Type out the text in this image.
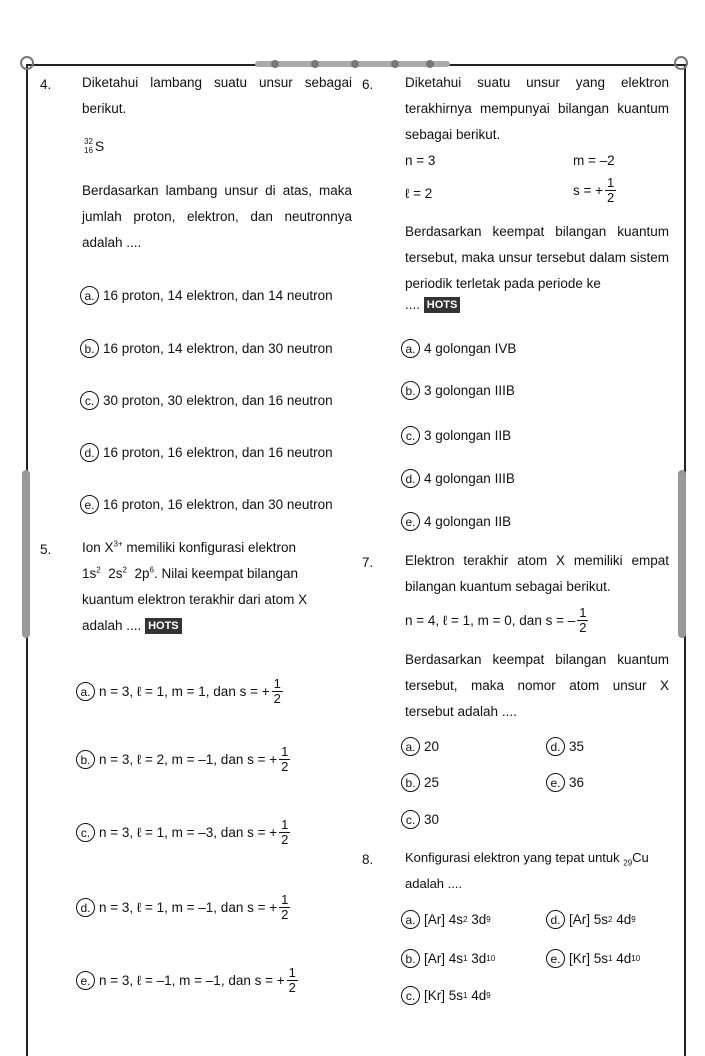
4. Diketahui lambang suatu unsur sebagai berikut.
32
16 S
Berdasarkan lambang unsur di atas, maka jumlah proton, elektron, dan neutronnya adalah ....
a. 16 proton, 14 elektron, dan 14 neutron
b. 16 proton, 14 elektron, dan 30 neutron
c. 30 proton, 30 elektron, dan 16 neutron
d. 16 proton, 16 elektron, dan 16 neutron
e. 16 proton, 16 elektron, dan 30 neutron
5. Ion $X^{3+}$ memiliki konfigurasi elektron
$1s^2$ $2s^2$ $2p^6$. Nilai keempat bilangan
kuantum elektron terakhir dari atom X
adalah .... HOTS
a. n = 3, ℓ = 1, m = 1, dan s = + $\frac{1}{2}$
b. n = 3, ℓ = 2, m = –1, dan s = + $\frac{1}{2}$
c. n = 3, ℓ = 1, m = –3, dan s = + $\frac{1}{2}$
d. n = 3, ℓ = 1, m = –1, dan s = + $\frac{1}{2}$
e. n = 3, ℓ = –1, m = –1, dan s = + $\frac{1}{2}$
6. Diketahui suatu unsur yang elektron terakhirnya mempunyai bilangan kuantum sebagai berikut.
n = 3	m = –2
ℓ = 2	s = + $\frac{1}{2}$
Berdasarkan keempat bilangan kuantum tersebut, maka unsur tersebut dalam sistem periodik terletak pada periode ke
.... HOTS
a. 4 golongan IVB
b. 3 golongan IIIB
c. 3 golongan IIB
d. 4 golongan IIIB
e. 4 golongan IIB
7. Elektron terakhir atom X memiliki empat bilangan kuantum sebagai berikut.
n = 4, ℓ = 1, m = 0, dan s = – $\frac{1}{2}$
Berdasarkan keempat bilangan kuantum tersebut, maka nomor atom unsur X tersebut adalah ....
a. 20
b. 25
c. 30
d. 35
e. 36
8. Konfigurasi elektron yang tepat untuk $_{29}$Cu
adalah ....
a. [Ar]
4s 2
3d 9
b. [Ar]
4s 1
3d 10
c. [Kr]
5s 1
4d 9
d. [Ar]
5s 2
4d 9
e. [Kr]
5s 1
4d 10
